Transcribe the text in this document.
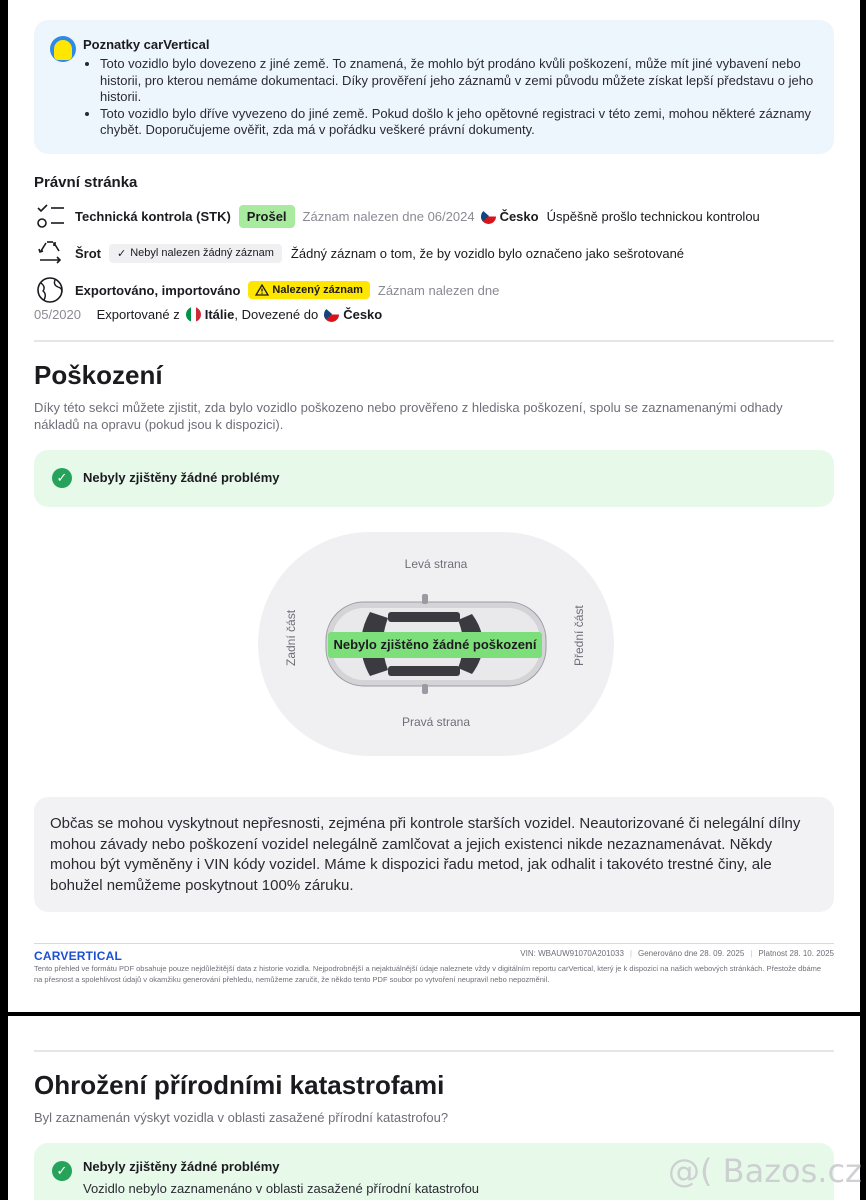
Poznatky carVertical
• Toto vozidlo bylo dovezeno z jiné země. To znamená, že mohlo být prodáno kvůli poškození, může mít jiné vybavení nebo historii, pro kterou nemáme dokumentaci. Díky prověření jeho záznamů v zemi původu můžete získat lepší představu o jeho historii.
• Toto vozidlo bylo dříve vyvezeno do jiné země. Pokud došlo k jeho opětovné registraci v této zemi, mohou některé záznamy chybět. Doporučujeme ověřit, zda má v pořádku veškeré právní dokumenty.
Právní stránka
Technická kontrola (STK)	Prošel	Záznam nalezen dne 06/2024 Česko Úspěšně prošlo technickou kontrolou
Šrot ✓ Nebyl nalezen žádný záznam Žádný záznam o tom, že by vozidlo bylo označeno jako sešrotované
Exportováno, importováno	Nalezený záznam Záznam nalezen dne
05/2020 Exportované z Itálie, Dovezené do Česko
Poškození
Díky této sekci můžete zjistit, zda bylo vozidlo poškozeno nebo prověřeno z hlediska poškození, spolu se zaznamenanými odhady nákladů na opravu (pokud jsou k dispozici).
✓	Nebyly zjištěny žádné problémy
Levá strana
Pravá strana
Zadní část	Přední část
Nebylo zjištěno žádné poškození
Občas se mohou vyskytnout nepřesnosti, zejména při kontrole starších vozidel. Neautorizované či nelegální dílny mohou závady nebo poškození vozidel nelegálně zamlčovat a jejich existenci nikde nezaznamenávat. Někdy mohou být vyměněny i VIN kódy vozidel. Máme k dispozici řadu metod, jak odhalit i takovéto trestné činy, ale bohužel nemůžeme poskytnout 100% záruku.
CARVERTICAL	VIN: WBAUW91070A201033 | Generováno dne 28. 09. 2025 | Platnost 28. 10. 2025
Tento přehled ve formátu PDF obsahuje pouze nejdůležitější data z historie vozidla. Nejpodrobnější a nejaktuálnější údaje naleznete vždy v digitálním reportu carVertical, který je k dispozici na našich webových stránkách. Přestože dbáme na přesnost a spolehlivost údajů v okamžiku generování přehledu, nemůžeme zaručit, že někdo tento PDF soubor po vytvoření neupravil nebo nepozměnil.
Ohrožení přírodními katastrofami
Byl zaznamenán výskyt vozidla v oblasti zasažené přírodní katastrofou?
✓	Nebyly zjištěny žádné problémy
Vozidlo nebylo zaznamenáno v oblasti zasažené přírodní katastrofou	@( Bazos.cz
